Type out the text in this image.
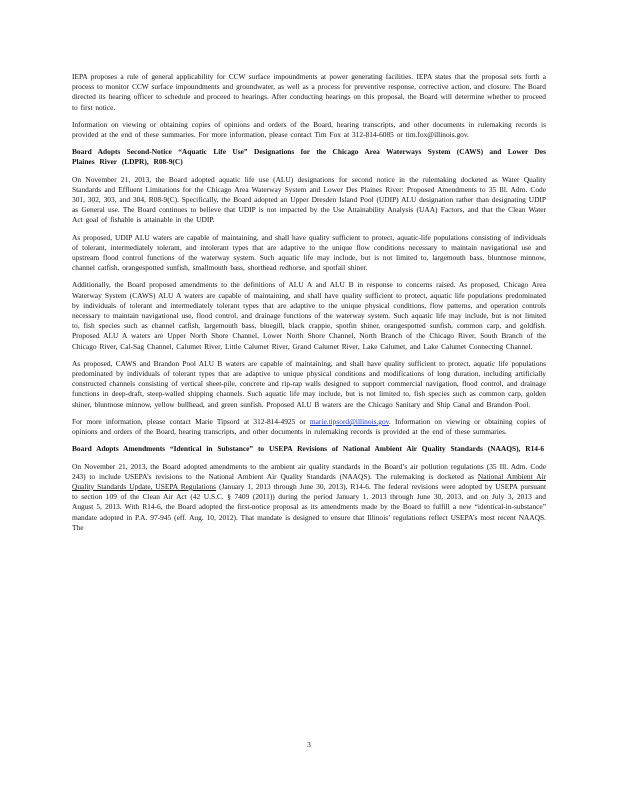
IEPA proposes a rule of general applicability for CCW surface impoundments at power generating facilities. IEPA states that the proposal sets forth a process to monitor CCW surface impoundments and groundwater, as well as a process for preventive response, corrective action, and closure. The Board directed its hearing officer to schedule and proceed to hearings. After conducting hearings on this proposal, the Board will determine whether to proceed to first notice.

Information on viewing or obtaining copies of opinions and orders of the Board, hearing transcripts, and other documents in rulemaking records is provided at the end of these summaries. For more information, please contact Tim Fox at 312-814-6085 or tim.fox@illinois.gov.

Board Adopts Second-Notice “Aquatic Life Use” Designations for the Chicago Area Waterways System (CAWS) and Lower Des Plaines River (LDPR), R08-9(C)

On November 21, 2013, the Board adopted aquatic life use (ALU) designations for second notice in the rulemaking docketed as Water Quality Standards and Effluent Limitations for the Chicago Area Waterway System and Lower Des Plaines River: Proposed Amendments to 35 Ill. Adm. Code 301, 302, 303, and 304, R08-9(C). Specifically, the Board adopted an Upper Dresden Island Pool (UDIP) ALU designation rather than designating UDIP as General use. The Board continues to believe that UDIP is not impacted by the Use Attainability Analysis (UAA) Factors, and that the Clean Water Act goal of fishable is attainable in the UDIP.

As proposed, UDIP ALU waters are capable of maintaining, and shall have quality sufficient to protect, aquatic-life populations consisting of individuals of tolerant, intermediately tolerant, and intolerant types that are adaptive to the unique flow conditions necessary to maintain navigational use and upstream flood control functions of the waterway system. Such aquatic life may include, but is not limited to, largemouth bass, bluntnose minnow, channel catfish, orangespotted sunfish, smallmouth bass, shorthead redhorse, and spotfail shiner.

Additionally, the Board proposed amendments to the definitions of ALU A and ALU B in response to concerns raised. As proposed, Chicago Area Waterway System (CAWS) ALU A waters are capable of maintaining, and shall have quality sufficient to protect, aquatic life populations predominated by individuals of tolerant and intermediately tolerant types that are adaptive to the unique physical conditions, flow patterns, and operation controls necessary to maintain navigational use, flood control, and drainage functions of the waterway system. Such aquatic life may include, but is not limited to, fish species such as channel catfish, largemouth bass, bluegill, black crappie, spotfin shiner, orangespotted sunfish, common carp, and goldfish. Proposed ALU A waters are Upper North Shore Channel, Lower North Shore Channel, North Branch of the Chicago River, South Branch of the Chicago River, Cal-Sag Channel, Calumet River, Little Calumet River, Grand Calumet River, Lake Calumet, and Lake Calumet Connecting Channel.

As proposed, CAWS and Brandon Pool ALU B waters are capable of maintaining, and shall have quality sufficient to protect, aquatic life populations predominated by individuals of tolerant types that are adaptive to unique physical conditions and modifications of long duration, including artificially constructed channels consisting of vertical sheet-pile, concrete and rip-rap walls designed to support commercial navigation, flood control, and drainage functions in deep-draft, steep-walled shipping channels. Such aquatic life may include, but is not limited to, fish species such as common carp, golden shiner, bluntnose minnow, yellow bullhead, and green sunfish. Proposed ALU B waters are the Chicago Sanitary and Ship Canal and Brandon Pool.

For more information, please contact Marie Tipsord at 312-814-4925 or marie.tipsord@illinois.gov. Information on viewing or obtaining copies of opinions and orders of the Board, hearing transcripts, and other documents in rulemaking records is provided at the end of these summaries.

Board Adopts Amendments “Identical in Substance” to USEPA Revisions of National Ambient Air Quality Standards (NAAQS), R14-6

On November 21, 2013, the Board adopted amendments to the ambient air quality standards in the Board’s air pollution regulations (35 Ill. Adm. Code 243) to include USEPA’s revisions to the National Ambient Air Quality Standards (NAAQS). The rulemaking is docketed as National Ambient Air Quality Standards Update, USEPA Regulations (January 1, 2013 through June 30, 2013), R14-6. The federal revisions were adopted by USEPA pursuant to section 109 of the Clean Air Act (42 U.S.C. § 7409 (2011)) during the period January 1, 2013 through June 30, 2013, and on July 3, 2013 and August 5, 2013. With R14-6, the Board adopted the first-notice proposal as its amendments made by the Board to fulfill a new “identical-in-substance” mandate adopted in P.A. 97-945 (eff. Aug. 10, 2012). That mandate is designed to ensure that Illinois’ regulations reflect USEPA’s most recent NAAQS. The

3
